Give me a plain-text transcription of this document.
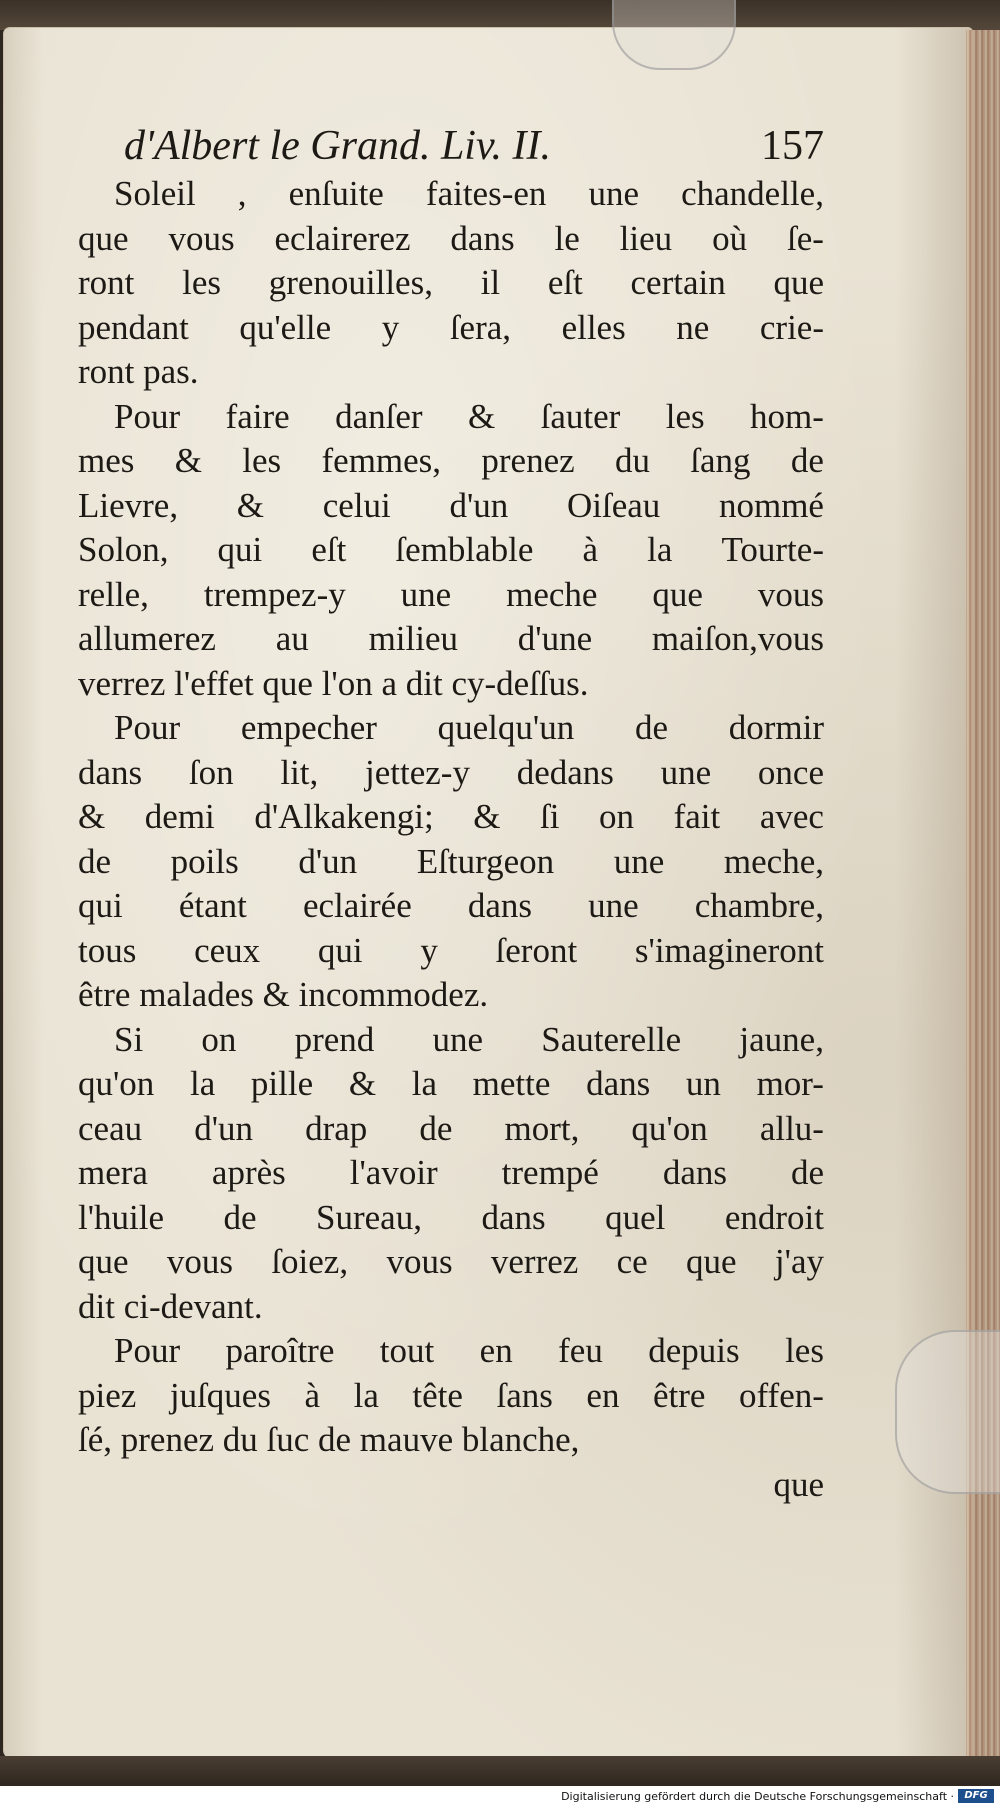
d'Albert le Grand. Liv. II.	157
Soleil , enſuite faites-en une chandelle,
que vous eclairerez dans le lieu où ſe-
ront les grenouilles, il eſt certain que
pendant qu'elle y ſera, elles ne crie-
ront pas.
Pour faire danſer & ſauter les hom-
mes & les femmes, prenez du ſang de
Lievre, & celui d'un Oiſeau nommé
Solon, qui eſt ſemblable à la Tourte-
relle, trempez-y une meche que vous
allumerez au milieu d'une maiſon,vous
verrez l'effet que l'on a dit cy-deſſus.
Pour empecher quelqu'un de dormir
dans ſon lit, jettez-y dedans une once
& demi d'Alkakengi; & ſi on fait avec
de poils d'un Eſturgeon une meche,
qui étant eclairée dans une chambre,
tous ceux qui y ſeront s'imagineront
être malades & incommodez.
Si on prend une Sauterelle jaune,
qu'on la pille & la mette dans un mor-
ceau d'un drap de mort, qu'on allu-
mera après l'avoir trempé dans de
l'huile de Sureau, dans quel endroit
que vous ſoiez, vous verrez ce que j'ay
dit ci-devant.
Pour paroître tout en feu depuis les
piez juſques à la tête ſans en être offen-
ſé, prenez du ſuc de mauve blanche,
que
Digitalisierung gefördert durch die Deutsche Forschungsgemeinschaft ·	DFG
